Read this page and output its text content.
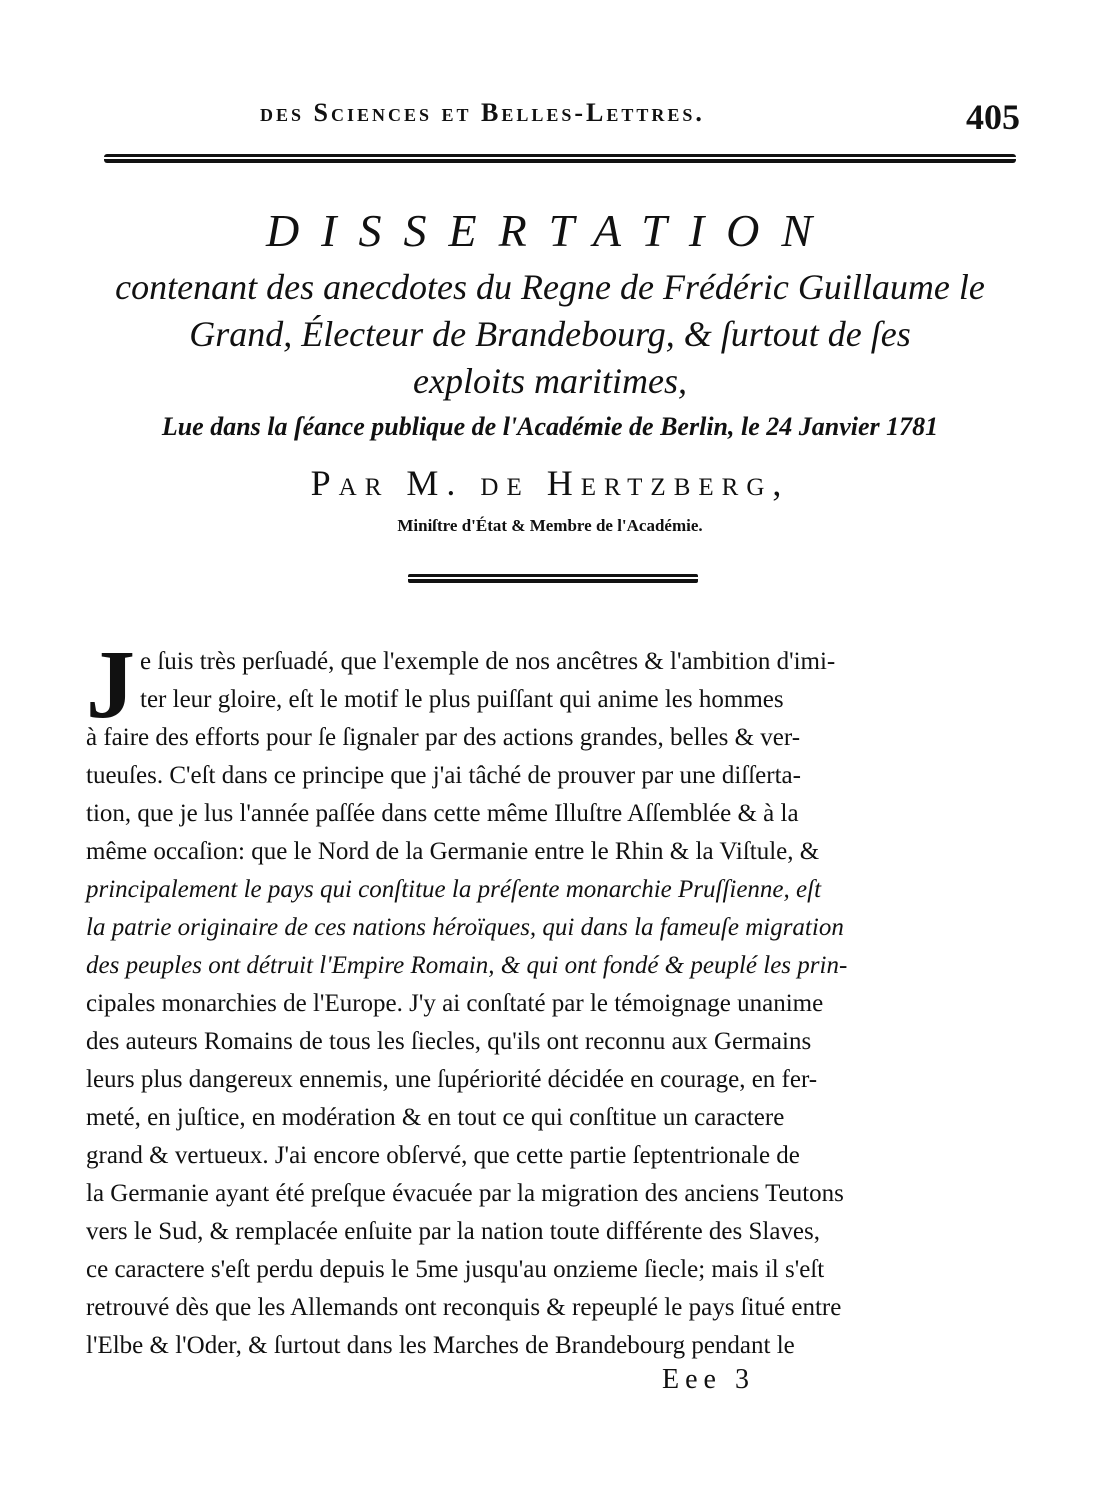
des Sciences et Belles-Lettres.	405
DISSERTATION
contenant des anecdotes du Regne de Frédéric Guillaume le
Grand, Électeur de Brandebourg, & ſurtout de ſes
exploits maritimes,
Lue dans la ſéance publique de l'Académie de Berlin, le 24 Janvier 1781
Par M. de Hertzberg,
Miniſtre d'État & Membre de l'Académie.
J e ſuis très perſuadé, que l'exemple de nos ancêtres & l'ambition d'imi-
ter leur gloire, eſt le motif le plus puiſſant qui anime les hommes
à faire des efforts pour ſe ſignaler par des actions grandes, belles & ver-
tueuſes. C'eſt dans ce principe que j'ai tâché de prouver par une diſſerta-
tion, que je lus l'année paſſée dans cette même Illuſtre Aſſemblée & à la
même occaſion: que le Nord de la Germanie entre le Rhin & la Viſtule, &
principalement le pays qui conſtitue la préſente monarchie Pruſſienne, eſt
la patrie originaire de ces nations héroïques, qui dans la fameuſe migration
des peuples ont détruit l'Empire Romain, & qui ont fondé & peuplé les prin-
cipales monarchies de l'Europe. J'y ai conſtaté par le témoignage unanime
des auteurs Romains de tous les ſiecles, qu'ils ont reconnu aux Germains
leurs plus dangereux ennemis, une ſupériorité décidée en courage, en fer-
meté, en juſtice, en modération & en tout ce qui conſtitue un caractere
grand & vertueux. J'ai encore obſervé, que cette partie ſeptentrionale de
la Germanie ayant été preſque évacuée par la migration des anciens Teutons
vers le Sud, & remplacée enſuite par la nation toute différente des Slaves,
ce caractere s'eſt perdu depuis le 5me jusqu'au onzieme ſiecle; mais il s'eſt
retrouvé dès que les Allemands ont reconquis & repeuplé le pays ſitué entre
l'Elbe & l'Oder, & ſurtout dans les Marches de Brandebourg pendant le
Eee 3
